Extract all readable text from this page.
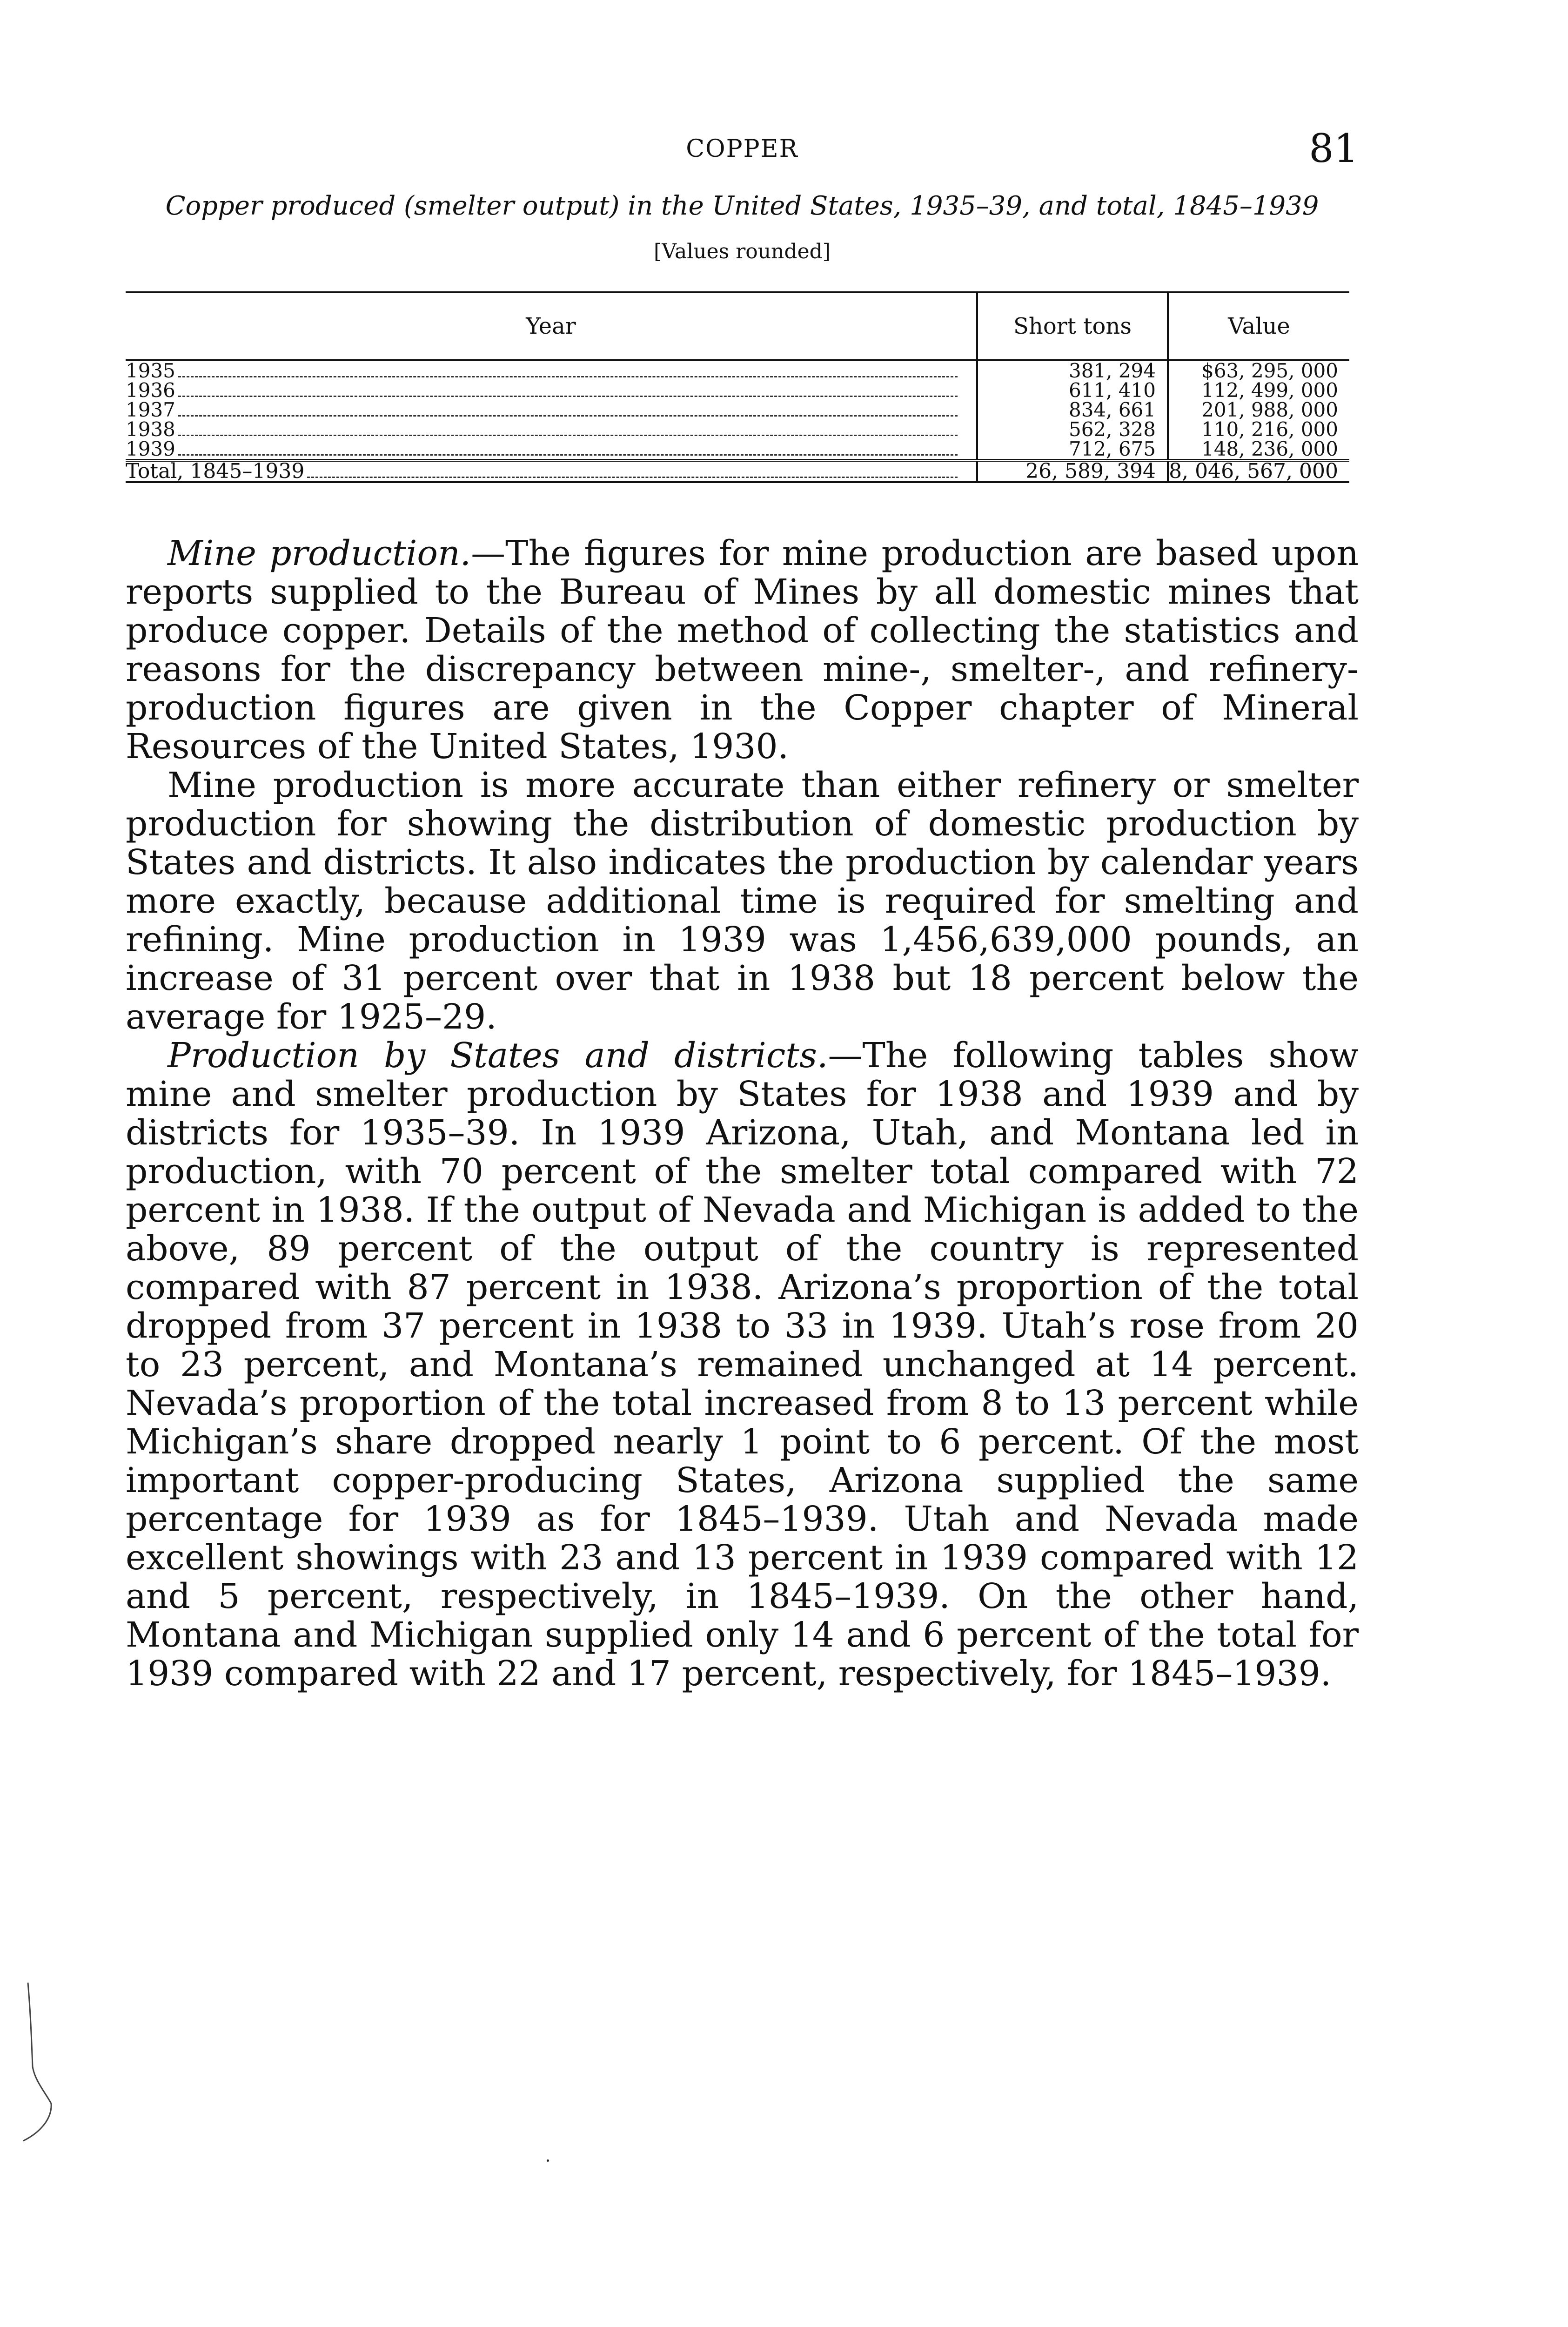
COPPER	81
Copper produced (smelter output) in the United States, 1935–39, and total, 1845–1939
[Values rounded]
Year	Short tons	Value

1935	381, 294	$63, 295, 000

1936	611, 410	112, 499, 000

1937	834, 661	201, 988, 000

1938	562, 328	110, 216, 000

1939	712, 675	148, 236, 000

Total, 1845–1939	26, 589, 394	8, 046, 567, 000

Mine production.—The figures for mine production are based upon reports supplied to the Bureau of Mines by all domestic mines that produce copper. Details of the method of collecting the statistics and reasons for the discrepancy between mine-, smelter-, and refinery-production figures are given in the Copper chapter of Mineral Resources of the United States, 1930.

Mine production is more accurate than either refinery or smelter production for showing the distribution of domestic production by States and districts. It also indicates the production by calendar years more exactly, because additional time is required for smelting and refining. Mine production in 1939 was 1,456,639,000 pounds, an increase of 31 percent over that in 1938 but 18 percent below the average for 1925–29.

Production by States and districts.—The following tables show mine and smelter production by States for 1938 and 1939 and by districts for 1935–39. In 1939 Arizona, Utah, and Montana led in production, with 70 percent of the smelter total compared with 72 percent in 1938. If the output of Nevada and Michigan is added to the above, 89 percent of the output of the country is represented compared with 87 percent in 1938. Arizona’s proportion of the total dropped from 37 percent in 1938 to 33 in 1939. Utah’s rose from 20 to 23 percent, and Montana’s remained unchanged at 14 percent. Nevada’s proportion of the total increased from 8 to 13 percent while Michigan’s share dropped nearly 1 point to 6 percent. Of the most important copper-producing States, Arizona supplied the same percentage for 1939 as for 1845–1939. Utah and Nevada made excellent showings with 23 and 13 percent in 1939 compared with 12 and 5 percent, respectively, in 1845–1939. On the other hand, Montana and Michigan supplied only 14 and 6 percent of the total for 1939 compared with 22 and 17 percent, respectively, for 1845–1939.
